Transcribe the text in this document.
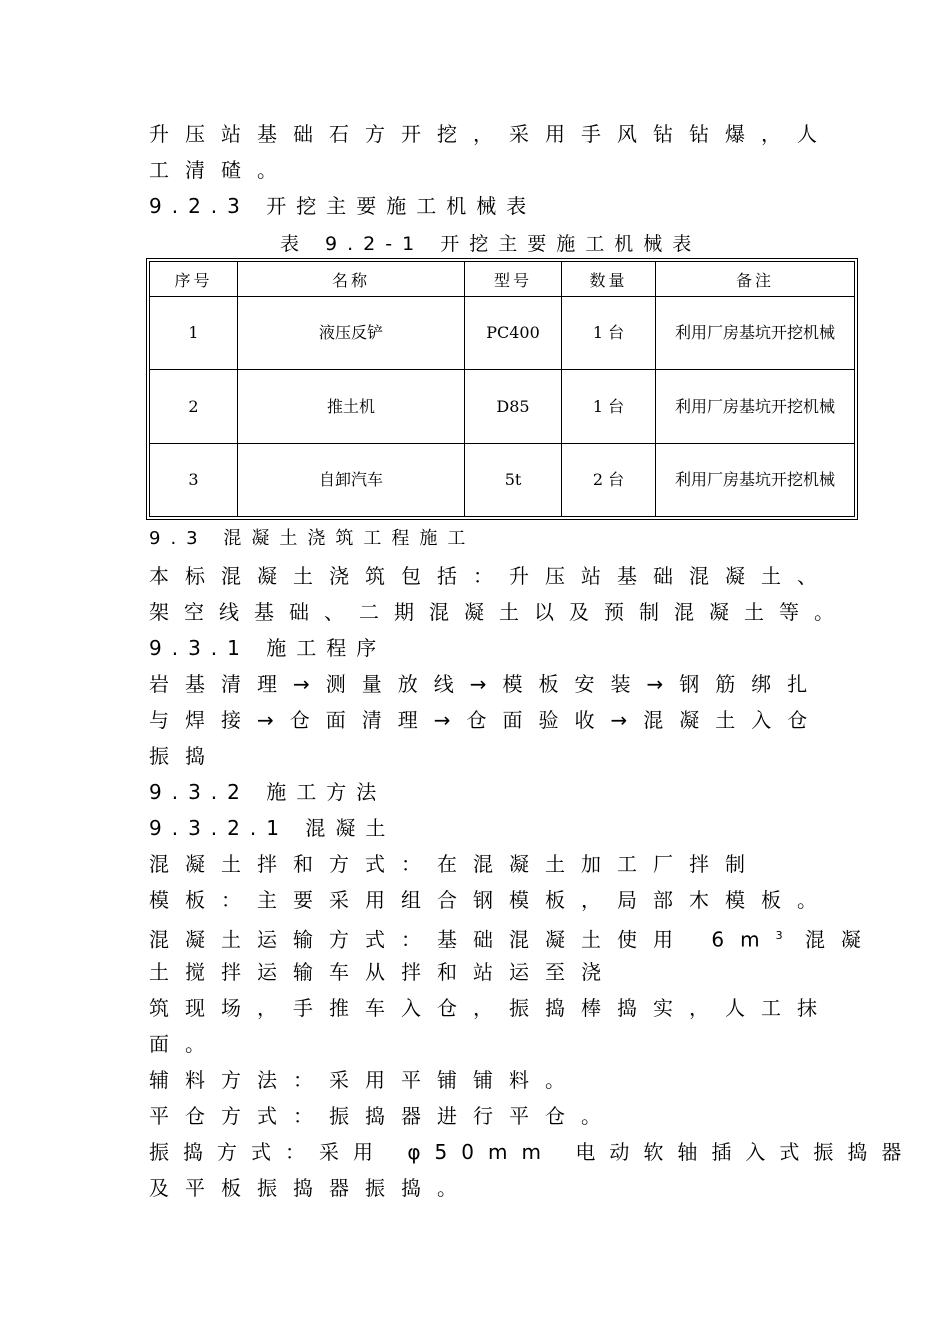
升压站基础石方开挖，采用手风钻钻爆，人
工清碴。
9.2.3 开挖主要施工机械表
表 9.2-1 开挖主要施工机械表
序号	名称	型号	数量	备注
1	液压反铲	PC400	1 台	利用厂房基坑开挖机械
2	推土机	D85	1 台	利用厂房基坑开挖机械
3	自卸汽车	5t	2 台	利用厂房基坑开挖机械
9.3 混凝土浇筑工程施工
本标混凝土浇筑包括：升压站基础混凝土、
架空线基础、二期混凝土以及预制混凝土等。
9.3.1 施工程序
岩基清理→测量放线→模板安装→钢筋绑扎
与焊接→仓面清理→仓面验收→混凝土入仓
振捣
9.3.2 施工方法
9.3.2.1 混凝土
混凝土拌和方式：在混凝土加工厂拌制
模板：主要采用组合钢模板，局部木模板。
混凝土运输方式：基础混凝土使用 $6m^3$ 混凝
土搅拌运输车从拌和站运至浇
筑现场，手推车入仓，振捣棒捣实，人工抹
面。
辅料方法：采用平铺铺料。
平仓方式：振捣器进行平仓。
振捣方式：采用 φ50mm 电动软轴插入式振捣器
及平板振捣器振捣。
